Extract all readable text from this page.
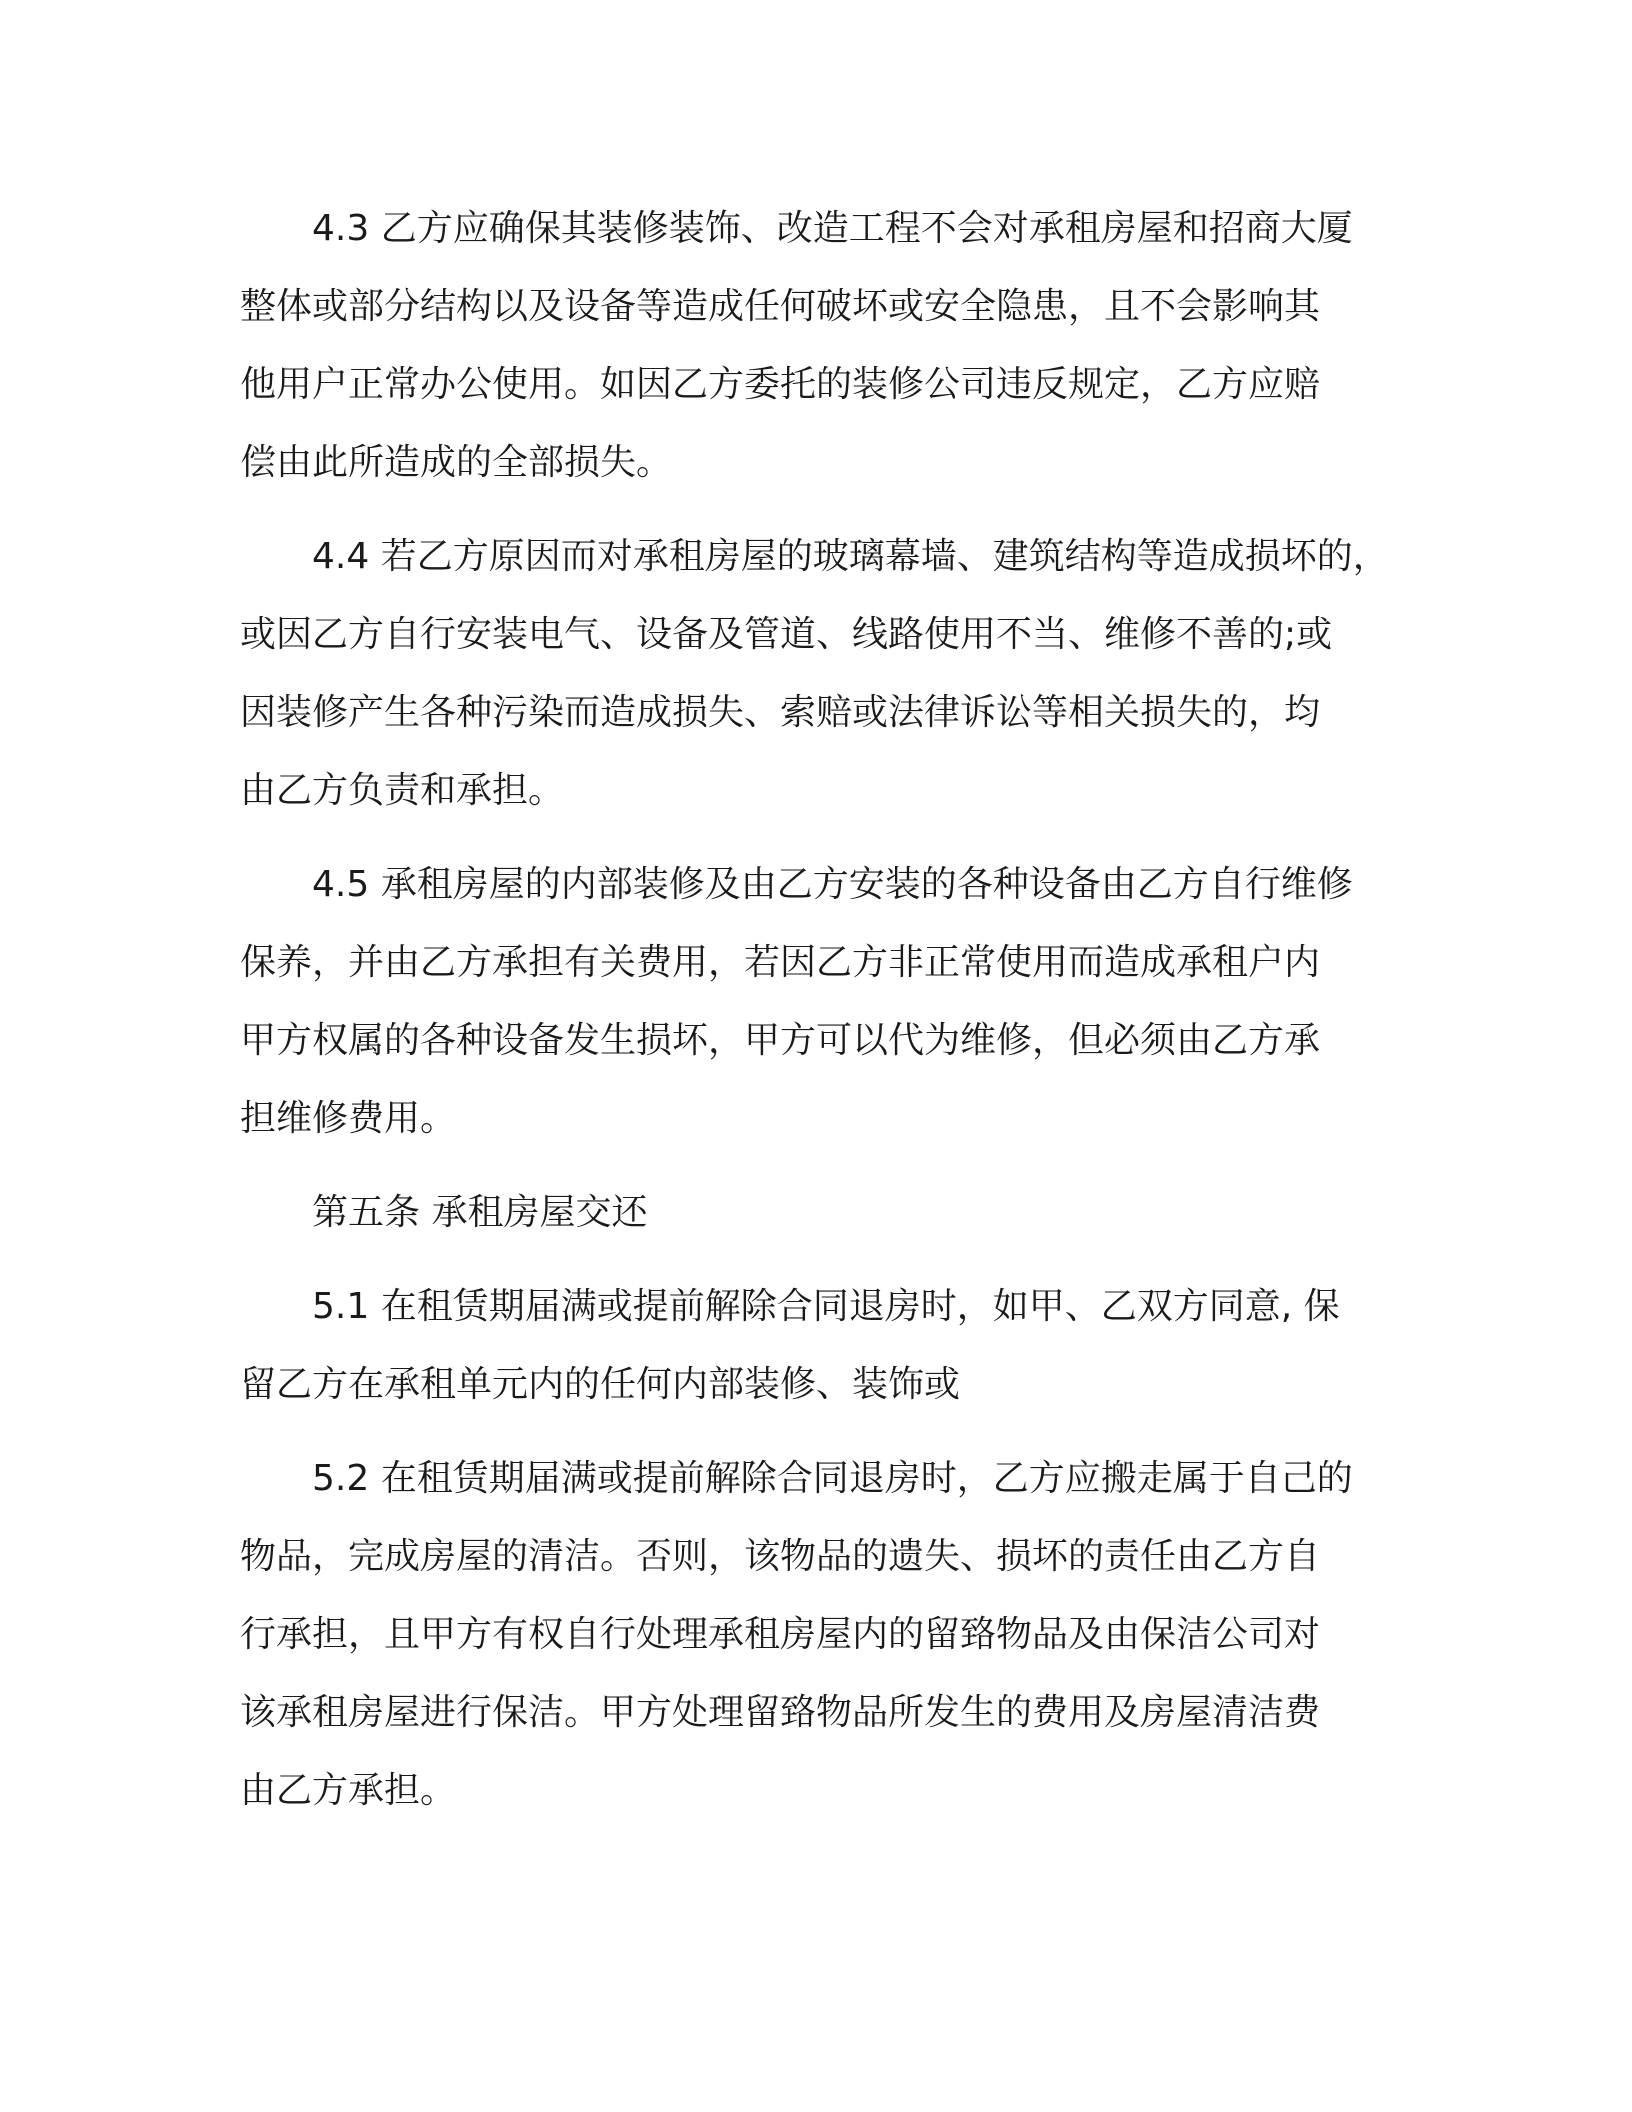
4.3 乙方应确保其装修装饰、改造工程不会对承租房屋和招商大厦
整体或部分结构以及设备等造成任何破坏或安全隐患，且不会影响其
他用户正常办公使用。如因乙方委托的装修公司违反规定，乙方应赔
偿由此所造成的全部损失。
4.4 若乙方原因而对承租房屋的玻璃幕墙、建筑结构等造成损坏的，
或因乙方自行安装电气、设备及管道、线路使用不当、维修不善的;或
因装修产生各种污染而造成损失、索赔或法律诉讼等相关损失的，均
由乙方负责和承担。
4.5 承租房屋的内部装修及由乙方安装的各种设备由乙方自行维修
保养，并由乙方承担有关费用，若因乙方非正常使用而造成承租户内
甲方权属的各种设备发生损坏，甲方可以代为维修，但必须由乙方承
担维修费用。
第五条 承租房屋交还
5.1 在租赁期届满或提前解除合同退房时，如甲、乙双方同意, 保
留乙方在承租单元内的任何内部装修、装饰或
5.2 在租赁期届满或提前解除合同退房时，乙方应搬走属于自己的
物品，完成房屋的清洁。否则，该物品的遗失、损坏的责任由乙方自
行承担，且甲方有权自行处理承租房屋内的留臵物品及由保洁公司对
该承租房屋进行保洁。甲方处理留臵物品所发生的费用及房屋清洁费
由乙方承担。
